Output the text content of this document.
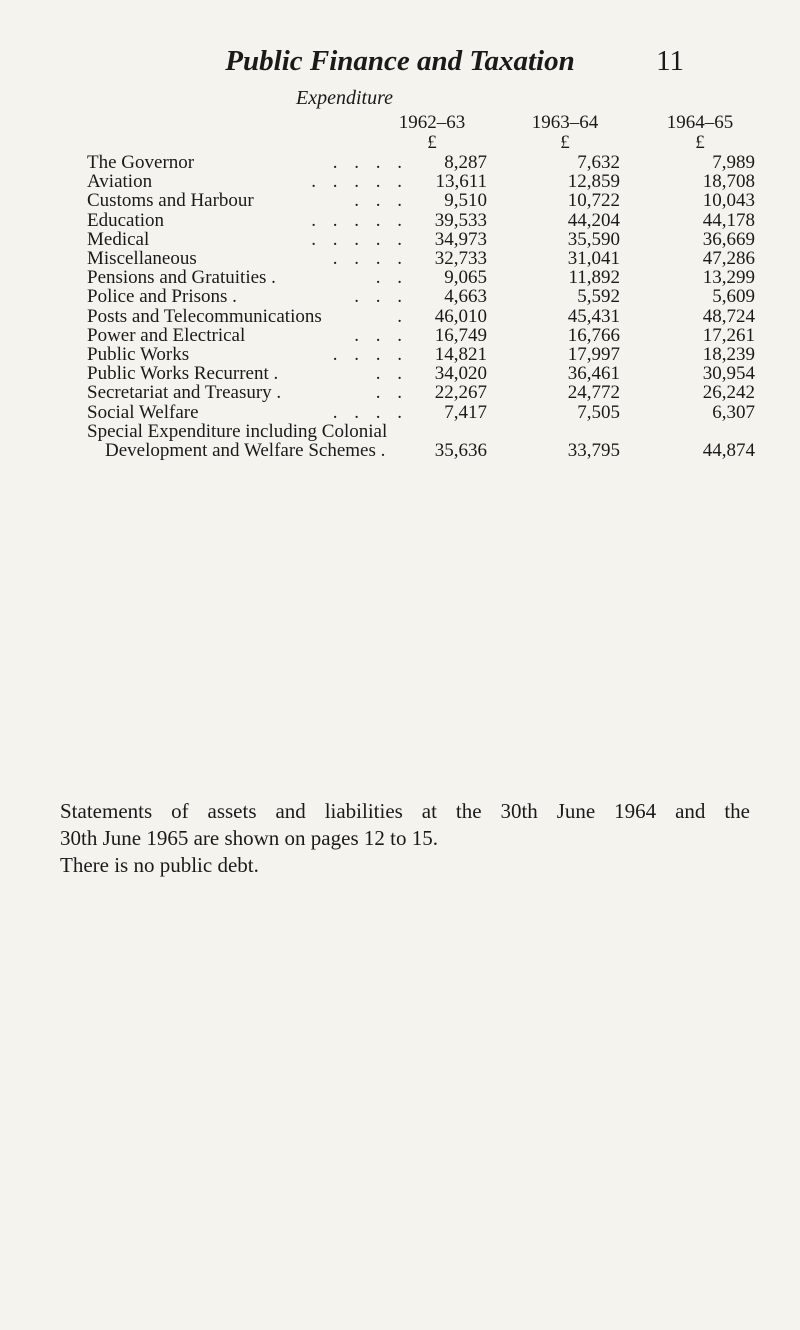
Public Finance and Taxation	11
Expenditure
1962–63	1963–64	1964–65
£	£	£
The Governor	. . . .	8,287	7,632	7,989
Aviation	. . . . .	13,611	12,859	18,708
Customs and Harbour	. . .	9,510	10,722	10,043
Education	. . . . .	39,533	44,204	44,178
Medical	. . . . .	34,973	35,590	36,669
Miscellaneous	. . . .	32,733	31,041	47,286
Pensions and Gratuities .	. .	9,065	11,892	13,299
Police and Prisons .	. . .	4,663	5,592	5,609
Posts and Telecommunications	.	46,010	45,431	48,724
Power and Electrical	. . .	16,749	16,766	17,261
Public Works	. . . .	14,821	17,997	18,239
Public Works Recurrent .	. .	34,020	36,461	30,954
Secretariat and Treasury .	. .	22,267	24,772	26,242
Social Welfare	. . . .	7,417	7,505	6,307
Special Expenditure including Colonial
Development and Welfare Schemes .	35,636	33,795	44,874
Statements of assets and liabilities at the 30th June 1964 and the
30th June 1965 are shown on pages 12 to 15.
There is no public debt.
